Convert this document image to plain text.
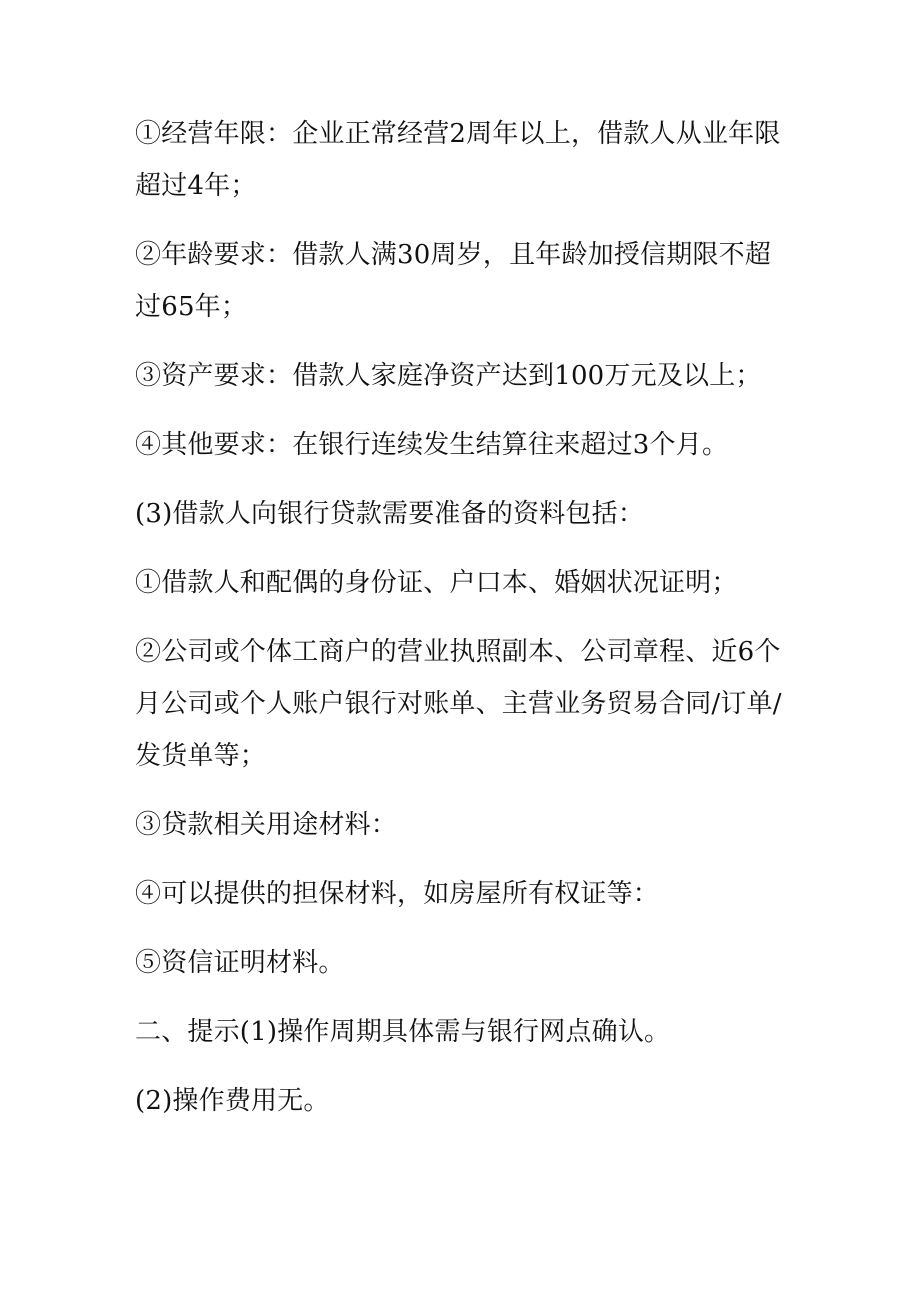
①经营年限：企业正常经营2周年以上，借款人从业年限超过4年；

②年龄要求：借款人满30周岁，且年龄加授信期限不超过65年；

③资产要求：借款人家庭净资产达到100万元及以上；

④其他要求：在银行连续发生结算往来超过3个月。

(3)借款人向银行贷款需要准备的资料包括：

①借款人和配偶的身份证、户口本、婚姻状况证明；

②公司或个体工商户的营业执照副本、公司章程、近6个月公司或个人账户银行对账单、主营业务贸易合同/订单/发货单等；

③贷款相关用途材料：

④可以提供的担保材料，如房屋所有权证等：

⑤资信证明材料。

二、提示(1)操作周期具体需与银行网点确认。

(2)操作费用无。
